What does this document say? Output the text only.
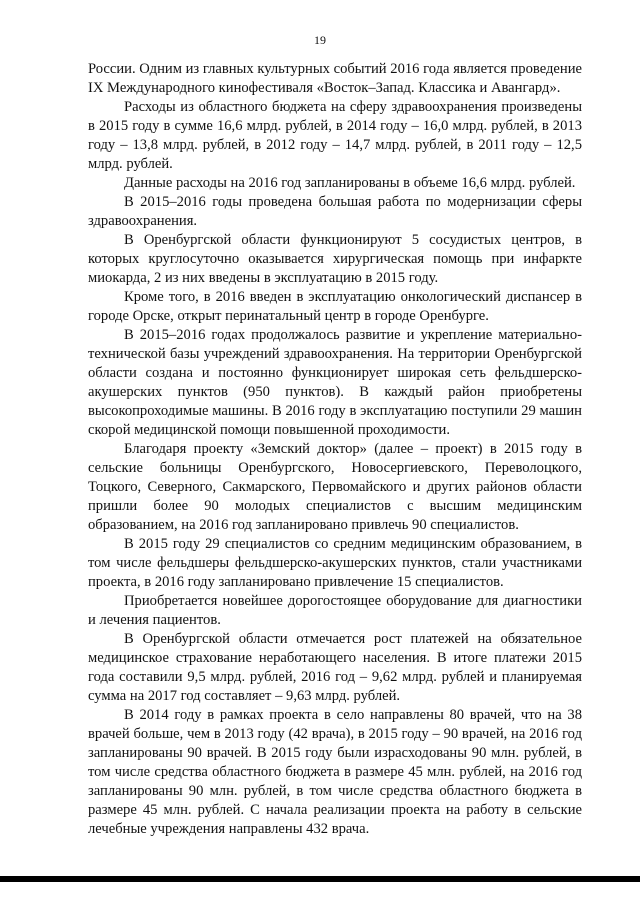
19

России. Одним из главных культурных событий 2016 года является проведение IX Международного кинофестиваля «Восток–Запад. Классика и Авангард».

Расходы из областного бюджета на сферу здравоохранения произведены в 2015 году в сумме 16,6 млрд. рублей, в 2014 году – 16,0 млрд. рублей, в 2013 году – 13,8 млрд. рублей, в 2012 году – 14,7 млрд. рублей, в 2011 году – 12,5 млрд. рублей.

Данные расходы на 2016 год запланированы в объеме 16,6 млрд. рублей.

В 2015–2016 годы проведена большая работа по модернизации сферы здравоохранения.

В Оренбургской области функционируют 5 сосудистых центров, в которых круглосуточно оказывается хирургическая помощь при инфаркте миокарда, 2 из них введены в эксплуатацию в 2015 году.

Кроме того, в 2016 введен в эксплуатацию онкологический диспансер в городе Орске, открыт перинатальный центр в городе Оренбурге.

В 2015–2016 годах продолжалось развитие и укрепление материально-технической базы учреждений здравоохранения. На территории Оренбургской области создана и постоянно функционирует широкая сеть фельдшерско-акушерских пунктов (950 пунктов). В каждый район приобретены высокопроходимые машины. В 2016 году в эксплуатацию поступили 29 машин скорой медицинской помощи повышенной проходимости.

Благодаря проекту «Земский доктор» (далее – проект) в 2015 году в сельские больницы Оренбургского, Новосергиевского, Переволоцкого, Тоцкого, Северного, Сакмарского, Первомайского и других районов области пришли более 90 молодых специалистов с высшим медицинским образованием, на 2016 год запланировано привлечь 90 специалистов.

В 2015 году 29 специалистов со средним медицинским образованием, в том числе фельдшеры фельдшерско-акушерских пунктов, стали участниками проекта, в 2016 году запланировано привлечение 15 специалистов.

Приобретается новейшее дорогостоящее оборудование для диагностики и лечения пациентов.

В Оренбургской области отмечается рост платежей на обязательное медицинское страхование неработающего населения. В итоге платежи 2015 года составили 9,5 млрд. рублей, 2016 год – 9,62 млрд. рублей и планируемая сумма на 2017 год составляет – 9,63 млрд. рублей.

В 2014 году в рамках проекта в село направлены 80 врачей, что на 38 врачей больше, чем в 2013 году (42 врача), в 2015 году – 90 врачей, на 2016 год запланированы 90 врачей. В 2015 году были израсходованы 90 млн. рублей, в том числе средства областного бюджета в размере 45 млн. рублей, на 2016 год запланированы 90 млн. рублей, в том числе средства областного бюджета в размере 45 млн. рублей. С начала реализации проекта на работу в сельские лечебные учреждения направлены 432 врача.
